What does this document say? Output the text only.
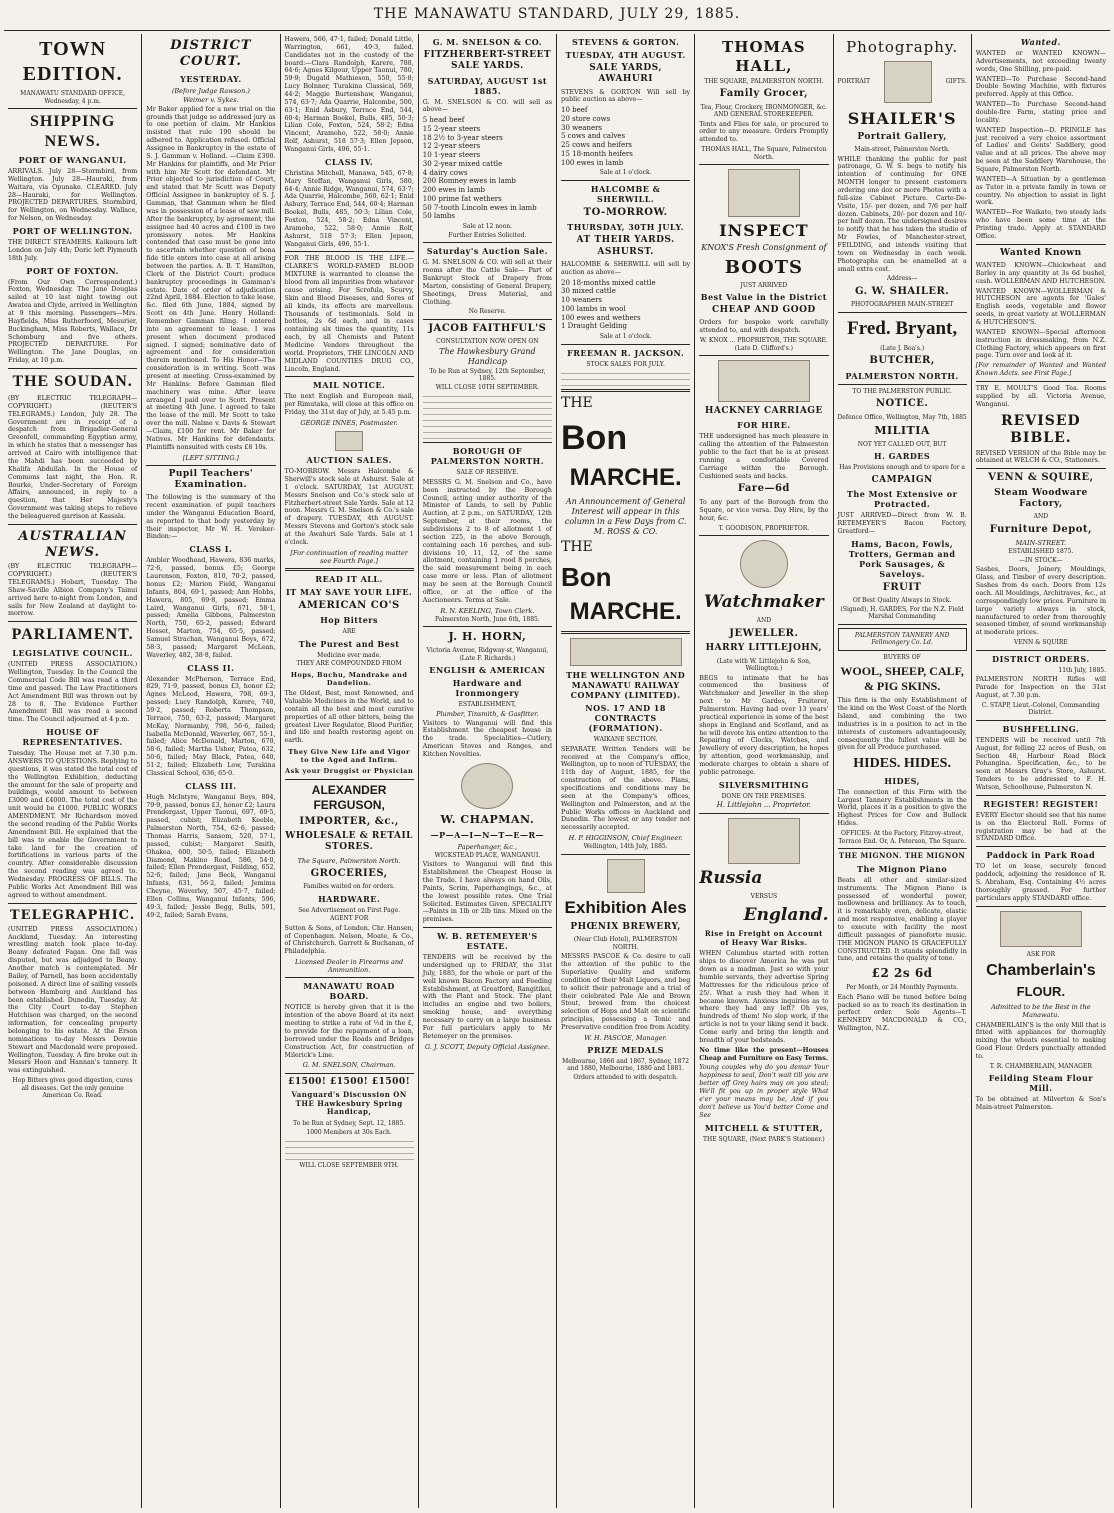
THE MANAWATU STANDARD, JULY 29, 1885.
TOWN EDITION.
MANAWATU STANDARD OFFICE, Wednesday, 4 p.m.
SHIPPING NEWS.
PORT OF WANGANUI.

ARRIVALS. July 28—Stormbird, from Wellington. July 28—Hauraki, from Waitara, via Opunake. CLEARED. July 28—Hauraki, for Wellington. PROJECTED DEPARTURES. Stormbird, for Wellington, on Wednesday. Wallace, for Nelson, on Wednesday.

PORT OF WELLINGTON.

THE DIRECT STEAMERS. Kaikoura left London on July 4th; Doric left Plymouth 18th July.

PORT OF FOXTON.

(From Our Own Correspondent.) Foxton, Wednesday. The Jane Douglas sailed at 10 last night towing out Awatea and Clyde, arrived in Wellington at 9 this morning. Passengers—Mrs. Hayfields, Miss Rutherfoord, Mesurier, Buckingham, Miss Roberts, Wallace, Dr Schomburg and five others. PROJECTED DEPARTURE. For Wellington. The Jane Douglas, on Friday, at 10 p.m.

THE SOUDAN.

(BY ELECTRIC TELEGRAPH—COPYRIGHT.) (REUTER'S TELEGRAMS.) London, July 28. The Government are in receipt of a despatch from Brigadier-General Greenfell, commanding Egyptian army, in which he states that a messenger has arrived at Cairo with intelligence that the Mahdi has been succeeded by Khalifa Abdullah. In the House of Commons last night, the Hon. R. Bourke, Under-Secretary of Foreign Affairs, announced, in reply to a question, that Her Majesty's Government was taking steps to relieve the beleaguered garrison at Kassala.

AUSTRALIAN NEWS.

(BY ELECTRIC TELEGRAPH—COPYRIGHT.) (REUTER'S TELEGRAMS.) Hobart, Tuesday. The Shaw-Saville Albion Company's Tainui arrived here to-night from London, and sails for New Zealand at daylight to-morrow.

PARLIAMENT.
LEGISLATIVE COUNCIL.

(UNITED PRESS ASSOCIATION.) Wellington, Tuesday. In the Council the Commercial Code Bill was read a third time and passed. The Law Practitioners Act Amendment Bill was thrown out by 28 to 8. The Evidence Further Amendment Bill was read a second time. The Council adjourned at 4 p.m.

HOUSE OF REPRESENTATIVES.

Tuesday. The House met at 7.30 p.m. ANSWERS TO QUESTIONS. Replying to questions, it was stated the total cost of the Wellington Exhibition, deducting the amount for the sale of property and buildings, would amount to between £3000 and £4000. The total cost of the unit would be £1000. PUBLIC WORKS AMENDMENT. Mr Richardson moved the second reading of the Public Works Amendment Bill. He explained that the bill was to enable the Government to take land for the creation of fortifications in various parts of the country. After considerable discussion the second reading was agreed to. Wednesday. PROGRESS OF BILLS. The Public Works Act Amendment Bill was agreed to without amendment.

TELEGRAPHIC.

(UNITED PRESS ASSOCIATION.) Auckland, Tuesday. An interesting wrestling match took place to-day. Beany defeated Fagan. One fall was disputed, but was adjudged to Beany. Another match is contemplated. Mr Bailey, of Parnell, has been accidentally poisoned. A direct line of sailing vessels between Hamburg and Auckland has been established. Dunedin, Tuesday. At the City Court to-day Stephen Hutchison was charged, on the second information, for concealing property belonging to his estate. At the Erson nominations to-day Messrs Downie Stewart and Macdonald were proposed. Wellington, Tuesday. A fire broke out in Messrs Hoon and Hannan's tannery. It was extinguished.

Hop Bitters gives good digestion, cures all diseases. Get the only genuine American Co. Read.

DISTRICT COURT.
YESTERDAY.
(Before Judge Rawson.)
Weimer v. Sykes.

Mr Baker applied for a new trial on the grounds that judge so addressed jury as to one portion of claim. Mr Hankins insisted that rule 190 should be adhered to. Application refused. Official Assignee in Bankruptcy in the estate of S. J. Gamman v. Holland. —Claim £300. Mr Hankins for plaintiffs, and Mr Prior with him Mr Scott for defendant. Mr Prior objected to jurisdiction of Court, and stated that Mr Scott was Deputy Official Assignee in bankruptcy of S. J. Gamman, that Gamman when he filed was in possession of a lease of saw mill. After the bankruptcy, by agreement, the assignee had 40 acres and £100 in two promissory notes. Mr Hankins contended that case must be gone into to ascertain whether question of bona fide title enters into case at all arising between the parties. A. B. T. Hamilton, Clerk of the District Court: produce bankruptcy proceedings in Gamman's estate. Date of order of adjudication 22nd April, 1884. Election to take lease, &c. filed 6th June, 1884, signed by Scott on 4th June. Henry Holland: Remember Gamman filing. I entered into an agreement to lease. I was present when document produced signed. I signed; nominative date of agreement and for consideration therein mentioned. To His Honor—The consideration is in writing. Scott was present at meeting. Cross-examined by Mr Hankins: Before Gamman filed machinery was mine. After leave arranged I paid over to Scott. Present at meeting 4th June. I agreed to take the lease of the mill. Mr Scott to take over the mill. Nalme v. Davis & Stewart—Claim, £100 for rent. Mr Baker for Natives. Mr Hankins for defendants. Plaintiffs nonsuited with costs £8 10s.

[LEFT SITTING.]
Pupil Teachers' Examination.

The following is the summary of the recent examination of pupil teachers under the Wanganui Education Board, as reported to that body yesterday by their inspector, Mr W. H. Vereker-Bindon:—

CLASS I.

Ambler Woodhead, Hawera, 836 marks, 72·6, passed, bonus £5; George Laurenson, Foxton, 810, 70·2, passed, bonus £2; Marion Field, Wanganui Infants, 804, 69·1, passed; Ann Hobbs, Hawera, 805, 69·8, passed; Emma Laird, Wanganui Girls, 671, 58·1, passed; Amelia Gibbons, Palmerston North, 750, 65·2, passed; Edward Hosset, Marton, 754, 65·5, passed; Samuel Strachan, Wanganui Boys, 672, 58·3, passed; Margaret McLean, Waverley, 482, 38·8, failed.

CLASS II.

Alexander McPherson, Terrace End, 829, 71·9, passed, bonus £3, honor £2; Agnes McLeod, Hawera, 798, 69·3, passed; Lucy Randolph, Karere, 740, 59·2, passed; Roberta Thompson, Terrace, 750, 63·2, passed; Margaret McKay, Normanby, 798, 56·6, failed; Isabella McDonald, Waverley, 667, 55·1, failed; Alice McDonald, Marton, 670, 58·6, failed; Martha Usher, Patea, 632, 50·6, failed; May Black, Patea, 640, 51·2, failed; Elizabeth Low, Turakina Classical School, 636, 65·0.

CLASS III.

Hugh McIntyre, Wanganui Boys, 804, 79·9, passed, bonus £3, honor £2; Laura Prendergast, Upper Taonui, 697, 69·5, passed, cubist; Elizabeth Keeble, Palmerston North, 754, 62·6, passed; Thomas Harris, Sansom, 520, 57·1, passed, cubist; Margaret Smith, Ohakea, 600, 50·5, failed; Elizabeth Diamond, Makino Road, 586, 54·0, failed; Ellen Prendergast, Feilding, 652, 52·6, failed; Jane Beck, Wanganui Infants, 631, 56·2, failed; Jemima Cheyne, Waverley, 507, 45·7, failed; Ellen Collins, Wanganui Infants, 596, 49·3, failed; Jessie Begg, Bulls, 591, 49·2, failed; Sarah Evans,

Hawera, 566, 47·1, failed; Donald Little, Warrington, 661, 49·3, failed. Candidates not in the custody of the board:—Clara Randolph, Karere, 788, 64·6; Agnes Kilgour, Upper Taonui, 780, 59·9; Dugald Mathieson, 550, 55·8; Lucy Bolnner, Turakina Classical, 569, 44·2; Maggie Burtenshaw, Wanganui, 574, 63·7; Ada Quarrie, Halcombe, 500, 63·1; Enid Asbury, Terrace End, 544, 60·4; Harman Boekel, Bulls, 485, 50·3; Lilian Cole, Foxton, 524, 58·2; Edna Vincent, Aramoho, 522, 58·0; Annie Rolf, Ashurst, 518 57·3; Ellen Jepson, Wanganui Girls, 496, 55·1.

CLASS IV.

Christina Mitchell, Manawa, 545, 67·8; Mary Steffan, Wanganui Girls, 580, 64·4; Annie Ridge, Wanganui, 574, 63·7; Ada Quarrie, Halcombe, 560, 62·1; Enid Asbury, Terrace End, 544, 60·4; Harman Boekel, Bulls, 485, 50·3; Lilian Cole, Foxton, 524, 58·2; Edna Vincent, Aramoho, 522, 58·0; Annie Rolf, Ashurst, 518 57·3; Ellen Jepson, Wanganui Girls, 496, 55·1.

FOR THE BLOOD IS THE LIFE.—CLARKE'S WORLD-FAMED BLOOD MIXTURE is warranted to cleanse the blood from all impurities from whatever cause arising. For Scrofula, Scurvy, Skin and Blood Diseases, and Sores of all kinds, its effects are marvellous. Thousands of testimonials. Sold in bottles, 2s 6d each, and in cases containing six times the quantity, 11s each, by all Chemists and Patent Medicine Vendors throughout the world. Proprietors, THE LINCOLN AND MIDLAND COUNTIES DRUG CO., Lincoln, England.

MAIL NOTICE.

The next English and European mail, per Rimutaka, will close at this office on Friday, the 31st day of July, at 5.45 p.m.

GEORGE INNES, Postmaster.
AUCTION SALES.

TO-MORROW. Messrs Halcombe & Sherwill's stock sale at Ashurst. Sale at 1 o'clock. SATURDAY, 1st AUGUST. Messrs Snelson and Co.'s stock sale at Fitzherbert-street Sale Yards. Sale at 12 noon. Messrs G. M. Snelson & Co.'s sale of drapery. TUESDAY, 4th AUGUST. Messrs Stevens and Gorton's stock sale at the Awahuri Sale Yards. Sale at 1 o'clock.

[For continuation of reading matter see Fourth Page.]
READ IT ALL.
IT MAY SAVE YOUR LIFE.
AMERICAN CO'S
Hop Bitters
ARE
The Purest and Best
Medicine ever made.
THEY ARE COMPOUNDED FROM
Hops, Buchu, Mandrake and Dandelion.

The Oldest, Best, most Renowned, and Valuable Medicines in the World, and to contain all the best and most curative properties of all other bitters, being the greatest Liver Regulator, Blood Purifier, and life and health restoring agent on earth.

They Give New Life and Vigor to the Aged and Infirm.
Ask your Druggist or Physician
ALEXANDER FERGUSON,
IMPORTER, &c.,
WHOLESALE & RETAIL STORES.
The Square, Palmerston North.
GROCERIES,
Families waited on for orders.
HARDWARE.
See Advertisement on First Page.
AGENT FOR

Sutton & Sons, of London. Chr. Hansen, of Copenhagen. Nelson, Moate, & Co., of Christchurch. Garrett & Buchanan, of Philadelphia.

Licensed Dealer in Firearms and Ammunition.
MANAWATU ROAD BOARD.

NOTICE is hereby given that it is the intention of the above Board at its next meeting to strike a rate of ½d in the £, to provide for the repayment of a loan, borrowed under the Roads and Bridges Construction Act, for construction of Milerick's Line.

G. M. SNELSON, Chairman.
£1500! £1500! £1500!
Vanguard's Discussion ON THE Hawkesbury Spring Handicap,
To be Run at Sydney, Sept. 12, 1885.
1000 Members at 30s Each.
WILL CLOSE SEPTEMBER 9TH.
G. M. SNELSON & CO.
FITZHERBERT-STREET SALE YARDS.
SATURDAY, AUGUST 1st 1885.

G. M. SNELSON & CO. will sell as above—

5 head beef
15 2-year steers
18 2½ to 3-year steers
12 2-year steers
10 1-year steers
30 2-year mixed cattle
4 dairy cows
200 Romney ewes in lamb
200 ewes in lamb
100 prime fat wethers
50 7-tooth Lincoln ewes in lamb
50 lambs

Sale at 12 noon.
Further Entries Solicited.
Saturday's Auction Sale.

G. M. SNELSON & CO. will sell at their rooms after the Cattle Sale— Part of Bankrupt Stock of Drapery from Marton, consisting of General Drapery, Sheetings, Dress Material, and Clothing.

No Reserve.
JACOB FAITHFUL'S
CONSULTATION NOW OPEN ON
The Hawkesbury Grand Handicap
To be Run at Sydney, 12th September, 1885.
WILL CLOSE 10TH SEPTEMBER.
BOROUGH OF PALMERSTON NORTH.
SALE OF RESERVE.

MESSRS G. M. Snelson and Co., have been instructed by the Borough Council, acting under authority of the Minister of Lands, to sell by Public Auction, at 2 p.m., on SATURDAY, 12th September, at their rooms, the subdivisions 2 to 8 of allotment 1 of section 225, in the above Borough, containing each 16 perches, and sub-divisions 10, 11, 12, of the same allotment, containing 1 rood 8 perches, the said measurement being in each case more or less. Plan of allotment may be seen at the Borough Council office, or at the office of the Auctioneers. Terms at Sale.

R. N. KEELING, Town Clerk.
Palmerston North, June 6th, 1885.
J. H. HORN,
Victoria Avenue, Ridgway-st, Wanganui, (Late F. Richards.)
ENGLISH & AMERICAN
Hardware and Ironmongery
ESTABLISHMENT,
Plumber, Tinsmith, & Gasfitter.

Visitors to Wanganui will find this Establishment the cheapest house in the trade. Specialities—Cutlery, American Stoves and Ranges, and Kitchen Novelties.

W. CHAPMAN.
—P—A—I—N—T—E—R—
Paperhanger, &c.,
WICKSTEAD PLACE, WANGANUI.

Visitors to Wanganui will find this Establishment the Cheapest House in the Trade. I have always on hand Oils, Paints, Scrim, Paperhangings, &c., at the lowest possible rates. One Trial Solicited. Estimates Given. SPECIALITY—Paints in 1lb or 2lb tins. Mixed on the premises.

W. B. RETEMEYER'S ESTATE.

TENDERS will be received by the undersigned up to FRIDAY, the 31st July, 1885, for the whole or part of the well known Bacon Factory and Feeding Establishment, at Greatford, Rangitikei, with the Plant and Stock. The plant includes an engine and two boilers, smoking house, and everything necessary to carry on a large business. For full particulars apply to Mr Retemeyer on the premises.

G. J. SCOTT, Deputy Official Assignee.
STEVENS & GORTON.
TUESDAY, 4TH AUGUST.
SALE YARDS, AWAHURI

STEVENS & GORTON Will sell by public auction as above—

10 beef
20 store cows
30 weaners
5 cows and calves
25 cows and heifers
15 18-month heifers
100 ewes in lamb

Sale at 1 o'clock.
HALCOMBE & SHERWILL.
TO-MORROW.
THURSDAY, 30TH JULY.
AT THEIR YARDS. ASHURST.

HALCOMBE & SHERWILL will sell by auction as above—

20 18-months mixed cattle
30 mixed cattle
10 weaners
100 lambs in wool
100 ewes and wethers
1 Draught Gelding

Sale at 1 o'clock.
FREEMAN R. JACKSON.
STOCK SALES FOR JULY.
THE
Bon
MARCHE.

An Announcement of General Interest will appear in this column in a Few Days from C. M. ROSS & CO.

THE
Bon
MARCHE.
THE WELLINGTON AND MANAWATU RAILWAY COMPANY (LIMITED).
NOS. 17 AND 18 CONTRACTS (FORMATION).
WAIKANE SECTION.

SEPARATE Written Tenders will be received at the Company's office, Wellington, up to noon of TUESDAY, the 11th day of August, 1885, for the construction of the above. Plans, specifications and conditions may be seen at the Company's offices, Wellington and Palmerston, and at the Public Works offices in Auckland and Dunedin. The lowest or any tender not necessarily accepted.

H. P. HIGGINSON, Chief Engineer.
Wellington, 14th July, 1885.
Exhibition Ales
PHŒNIX BREWERY,
(Near Club Hotel), PALMERSTON NORTH.

MESSRS PASCOE & Co. desire to call the attention of the public to the Superlative Quality and uniform condition of their Malt Liquors, and beg to solicit their patronage and a trial of their celebrated Pale Ale and Brown Stout, brewed from the choicest selection of Hops and Malt on scientific principles, possessing a Tonic and Preservative condition free from Acidity.

W. H. PASCOE, Manager.
PRIZE MEDALS
Melbourne, 1866 and 1867, Sydney, 1872 and 1880, Melbourne, 1880 and 1881.
Orders attended to with despatch.
THOMAS HALL,
THE SQUARE, PALMERSTON NORTH.
Family Grocer,
Tea, Flour, Crockery, IRONMONGER, &c. AND GENERAL STOREKEEPER.

Tents and Flies for sale, or procured to order to any measure. Orders Promptly attended to.

THOMAS HALL, The Square, Palmerston North.
INSPECT
KNOX'S Fresh Consignment of
BOOTS
JUST ARRIVED
Best Value in the District
CHEAP AND GOOD

Orders for bespoke work carefully attended to, and with despatch.

W. KNOX ... PROPRIETOR, THE SQUARE. (Late D. Clifford's.)
HACKNEY CARRIAGE
FOR HIRE.

THE undersigned has much pleasure in calling the attention of the Palmerston public to the fact that he is at present running a comfortable Covered Carriage within the Borough. Cushioned seats and backs.

Fare—6d

To any part of the Borough from the Square, or vice versa. Day Hire, by the hour, &c.

T. GOODISON, PROPRIETOR.
Watchmaker
AND
JEWELLER.
HARRY LITTLEJOHN,
(Late with W. Littlejohn & Son, Wellington.)

BEGS to intimate that he has commenced the business of Watchmaker and Jeweller in the shop next to Mr Gardes, Fruiterer, Palmerston. Having had over 13 years' practical experience in some of the best shops in England and Scotland, and as he will devote his entire attention to the Repairing of Clocks, Watches, and Jewellery of every description, he hopes by attention, good workmanship, and moderate charges to obtain a share of public patronage.

SILVERSMITHING
DONE ON THE PREMISES.
H. Littlejohn ... Proprietor.
Russia
VERSUS
England.
Rise in Freight on Account of Heavy War Risks.

WHEN Columbus started with rotten ships to discover America he was put down as a madman. Just so with your humble servants, they advertise Spring Mattresses for the ridiculous price of 25/. What a rush they had when it became known. Anxious inquiries as to where they had any left? Oh yes, hundreds of them! No slop work, if the article is not to your liking send it back. Come early and bring the length and breadth of your bedsteads.

No time like the present—Houses Cheap and Furniture on Easy Terms.

Young couples why do you demur Your happiness to seal, Don't wait till you are better off Grey hairs may on you steal; We'll fit you up in proper style What e'er your means may be, And if you don't believe us You'd better Come and See

MITCHELL & STUTTER,
THE SQUARE, (Next PARK'S Stationer.)
Photography.
PORTRAIT	GIFTS.
SHAILER'S
Portrait Gallery,
Main-street, Palmerston North.

WHILE thanking the public for past patronage, G. W. S. begs to notify his intention of continuing for ONE MONTH longer to present customers ordering one doz or more Photos with a full-size Cabinet Picture. Carte-De-Visite, 15/- per dozen, and 7/6 per half dozen. Cabinets, 20/- per dozen and 10/- per half dozen. The undersigned desires to notify that he has taken the studio of Mr Fowles, of Manchester-street, FEILDING, and intends visiting that town on Wednesday in each week. Photographs can be enamelled at a small extra cost.

Address—
G. W. SHAILER.
PHOTOGRAPHER MAIN-STREET
Fred. Bryant,
(Late J. Boa's.)
BUTCHER,
PALMERSTON NORTH.
TO THE PALMERSTON PUBLIC.
NOTICE.
Defence Office, Wellington, May 7th, 1885
MILITIA
NOT YET CALLED OUT, BUT
H. GARDES
Has Provisions enough and to spare for a
CAMPAIGN
The Most Extensive or Protracted.

JUST ARRIVED—Direct from W. B. RETEMEYER'S Bacon Factory, Greatford—

Hams, Bacon, Fowls, Trotters, German and Pork Sausages, & Saveloys.
FRUIT
Of Best Quality Always in Stock.
(Signed), H. GARDES, For the N.Z. Field Marshal Commanding
PALMERSTON TANNERY AND Fellmongery Co. Ld.
BUYERS OF
WOOL, SHEEP, CALF, & PIG SKINS.

This firm is the only Establishment of the kind on the West Coast of the North Island, and combining the two industries is in a position to act in the interests of customers advantageously, consequently the fullest value will be given for all Produce purchased.

HIDES. HIDES.
HIDES,

The connection of this Firm with the Largest Tannery Establishments in the World, places it in a position to give the Highest Prices for Cow and Bullock Hides.

OFFICES: At the Factory, Fitzroy-street, Terrace End. Or, A. Peterson, The Square.
THE MIGNON. THE MIGNON
The Mignon Piano

Beats all other and similar-sized instruments. The Mignon Piano is possessed of wonderful power, mellowness and brilliancy. As to touch, it is remarkably even, delicate, elastic and most responsive, enabling a player to execute with facility the most difficult passages of pianoforte music. THE MIGNON PIANO IS GRACEFULLY CONSTRUCTED. It stands splendidly in tune, and retains the quality of tone.

£2 2s 6d
Per Month, or 24 Monthly Payments.

Each Piano will be tuned before being packed so as to reach its destination in perfect order. Sole Agents—T. KENNEDY MACDONALD & CO., Wellington, N.Z.

Wanted.

WANTED or WANTED KNOWN—Advertisements, not exceeding twenty words, One Shilling, pre-paid.

WANTED—To Purchase Second-hand Double Sewing Machine, with fixtures preferred. Apply at this Office.

WANTED—To Purchase Second-hand double-fire Farm, stating price and locality.

WANTED Inspection—D. PRINGLE has just received a very choice assortment of Ladies' and Gents' Saddlery, good value and at all prices. The above may be seen at the Saddlery Warehouse, the Square, Palmerston North.

WANTED—A Situation by a gentleman as Tutor in a private family in town or country. No objection to assist in light work.

WANTED—For Waikato, two steady lads who have been some time at the Printing trade. Apply at STANDARD Office.

Wanted Known

WANTED KNOWN—Chickwheat and Barley in any quantity at 3s 6d bushel, cash. WOLLERMAN AND HUTCHESON.

WANTED KNOWN—WOLLERMAN & HUTCHESON are agents for 'Gales' English seeds, vegetable and flower seeds, in great variety at WOLLERMAN & HUTCHESON'S.

WANTED KNOWN—Special afternoon instruction in dressmaking, from N.Z. Clothing Factory, which appears on first page. Turn over and look at it.

[For remainder of Wanted and Wanted Known Adcts. see First Page.]

TRY E. MOULT'S Good Tea. Rooms supplied by all. Victoria Avenue, Wanganui.

REVISED BIBLE.

REVISED VERSION of the Bible may be obtained at WELCH & CO., Stationers.

VENN & SQUIRE,
Steam Woodware Factory,
AND
Furniture Depot,
MAIN-STREET.
ESTABLISHED 1875.
—IN STOCK—

Sashes, Doors, Joinery, Mouldings, Glass, and Timber of every description. Sashes from 4s each. Doors from 12s each. All Mouldings, Architraves, &c., at correspondingly low prices. Furniture in large variety always in stock, manufactured to order from thoroughly seasoned timber, of sound workmanship at moderate prices.

VENN & SQUIRE
DISTRICT ORDERS.
11th July, 1885.

PALMERSTON NORTH Rifles will Parade for Inspection on the 31st August, at 7.30 p.m.

C. STAPP, Lieut.-Colonel, Commanding District.
BUSHFELLING.

TENDERS will be received until 7th August, for felling 22 acres of Bush, on Section 48, Harbour Road Block Pohangina. Specification, &c., to be seen at Messrs Gray's Store, Ashurst. Tenders to be addressed to F. H. Watson, Schoolhouse, Palmerston N.

REGISTER! REGISTER!

EVERY Elector should see that his name is on the Electoral Roll. Forms of registration may be had at the STANDARD Office.

Paddock in Park Road

TO let on lease, securely fenced paddock, adjoining the residence of R. S. Abraham, Esq. Containing 4½ acres thoroughly grassed. For further particulars apply STANDARD office.

ASK FOR
Chamberlain's
FLOUR.
Admitted to be the Best in the Manawatu.

CHAMBERLAIN'S is the only Mill that is fitted with appliances for thoroughly mixing the wheats essential to making Good Flour. Orders punctually attended to.

T. R. CHAMBERLAIN, MANAGER
Feilding Steam Flour Mill.

To be obtained at Milverton & Son's Main-street Palmerston.
